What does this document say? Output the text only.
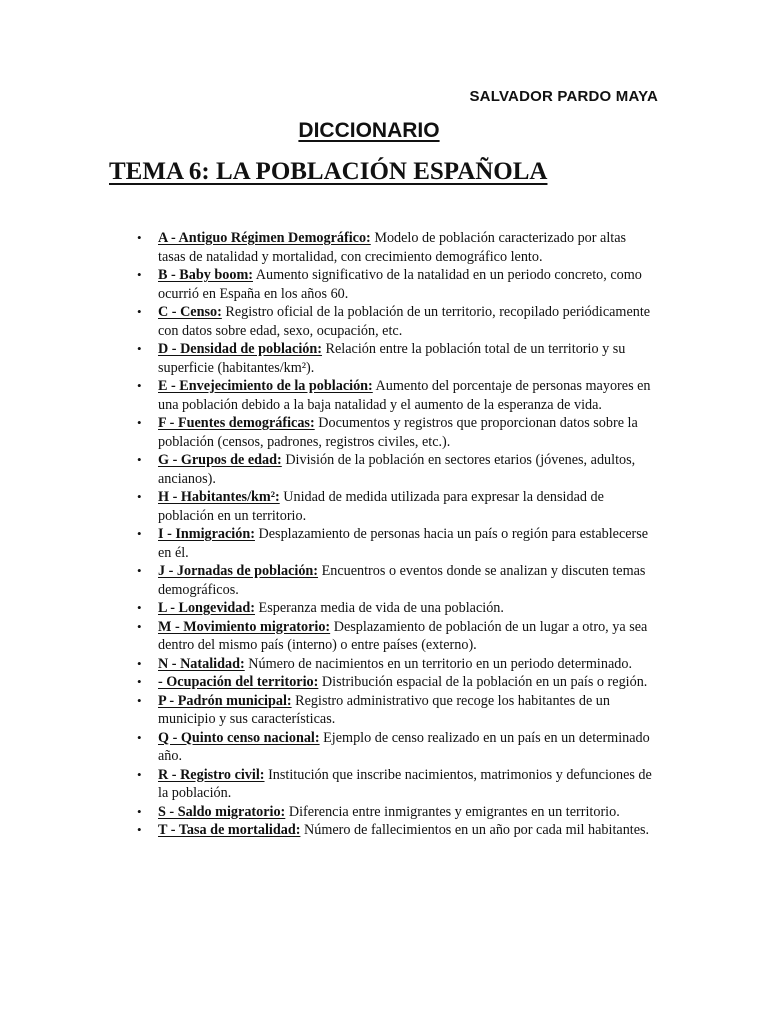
SALVADOR PARDO MAYA
DICCIONARIO
TEMA 6: LA POBLACIÓN ESPAÑOLA
• A - Antiguo Régimen Demográfico: Modelo de población caracterizado por altas tasas de natalidad y mortalidad, con crecimiento demográfico lento.
• B - Baby boom: Aumento significativo de la natalidad en un periodo concreto, como ocurrió en España en los años 60.
• C - Censo: Registro oficial de la población de un territorio, recopilado periódicamente con datos sobre edad, sexo, ocupación, etc.
• D - Densidad de población: Relación entre la población total de un territorio y su superficie (habitantes/km²).
• E - Envejecimiento de la población: Aumento del porcentaje de personas mayores en una población debido a la baja natalidad y el aumento de la esperanza de vida.
• F - Fuentes demográficas: Documentos y registros que proporcionan datos sobre la población (censos, padrones, registros civiles, etc.).
• G - Grupos de edad: División de la población en sectores etarios (jóvenes, adultos, ancianos).
• H - Habitantes/km²: Unidad de medida utilizada para expresar la densidad de población en un territorio.
• I - Inmigración: Desplazamiento de personas hacia un país o región para establecerse en él.
• J - Jornadas de población: Encuentros o eventos donde se analizan y discuten temas demográficos.
• L - Longevidad: Esperanza media de vida de una población.
• M - Movimiento migratorio: Desplazamiento de población de un lugar a otro, ya sea dentro del mismo país (interno) o entre países (externo).
• N - Natalidad: Número de nacimientos en un territorio en un periodo determinado.
• - Ocupación del territorio: Distribución espacial de la población en un país o región.
• P - Padrón municipal: Registro administrativo que recoge los habitantes de un municipio y sus características.
• Q - Quinto censo nacional: Ejemplo de censo realizado en un país en un determinado año.
• R - Registro civil: Institución que inscribe nacimientos, matrimonios y defunciones de la población.
• S - Saldo migratorio: Diferencia entre inmigrantes y emigrantes en un territorio.
• T - Tasa de mortalidad: Número de fallecimientos en un año por cada mil habitantes.
